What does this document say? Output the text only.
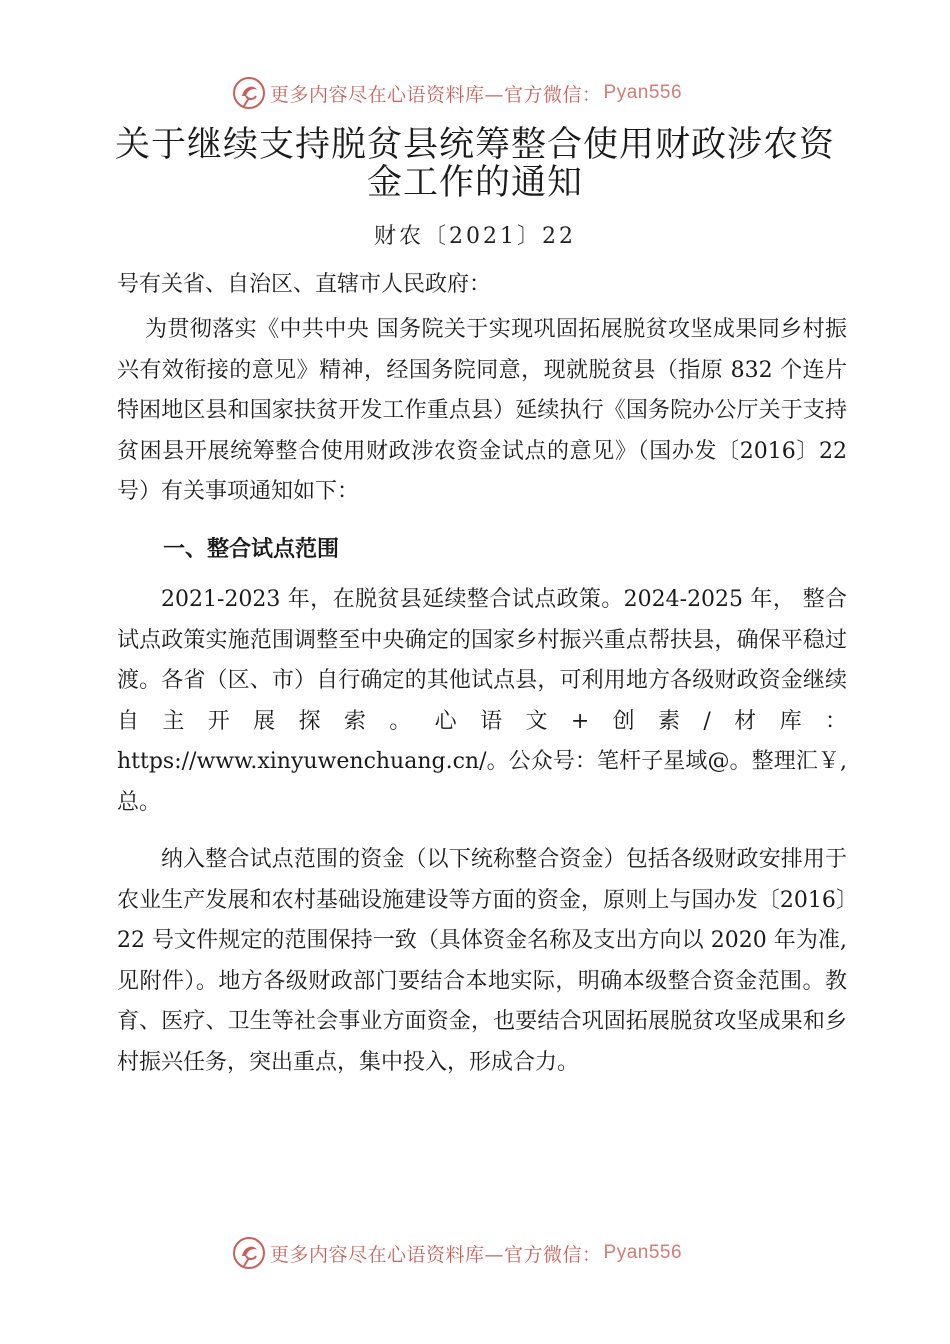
更多内容尽在心语资料库—官方微信： Pyan556
关于继续支持脱贫县统筹整合使用财政涉农资金工作的通知
财农〔2021〕22

号有关省、自治区、直辖市人民政府：

为贯彻落实《中共中央 国务院关于实现巩固拓展脱贫攻坚成果同乡村振兴有效衔接的意见》精神，经国务院同意，现就脱贫县（指原 832 个连片特困地区县和国家扶贫开发工作重点县）延续执行《国务院办公厅关于支持贫困县开展统筹整合使用财政涉农资金试点的意见》（国办发〔2016〕22 号）有关事项通知如下：

一、整合试点范围

2021-2023 年，在脱贫县延续整合试点政策。2024-2025 年， 整合试点政策实施范围调整至中央确定的国家乡村振兴重点帮扶县，确保平稳过渡。各省（区、市）自行确定的其他试点县，可利用地方各级财政资金继续自主开展探索。心语文+创素/材库：https://www.xinyuwenchuang.cn/。公众号：笔杆子星域@。整理汇￥,总。

纳入整合试点范围的资金（以下统称整合资金）包括各级财政安排用于农业生产发展和农村基础设施建设等方面的资金，原则上与国办发〔2016〕22 号文件规定的范围保持一致（具体资金名称及支出方向以 2020 年为准,见附件）。地方各级财政部门要结合本地实际，明确本级整合资金范围。教育、医疗、卫生等社会事业方面资金，也要结合巩固拓展脱贫攻坚成果和乡村振兴任务，突出重点，集中投入，形成合力。

更多内容尽在心语资料库—官方微信： Pyan556
